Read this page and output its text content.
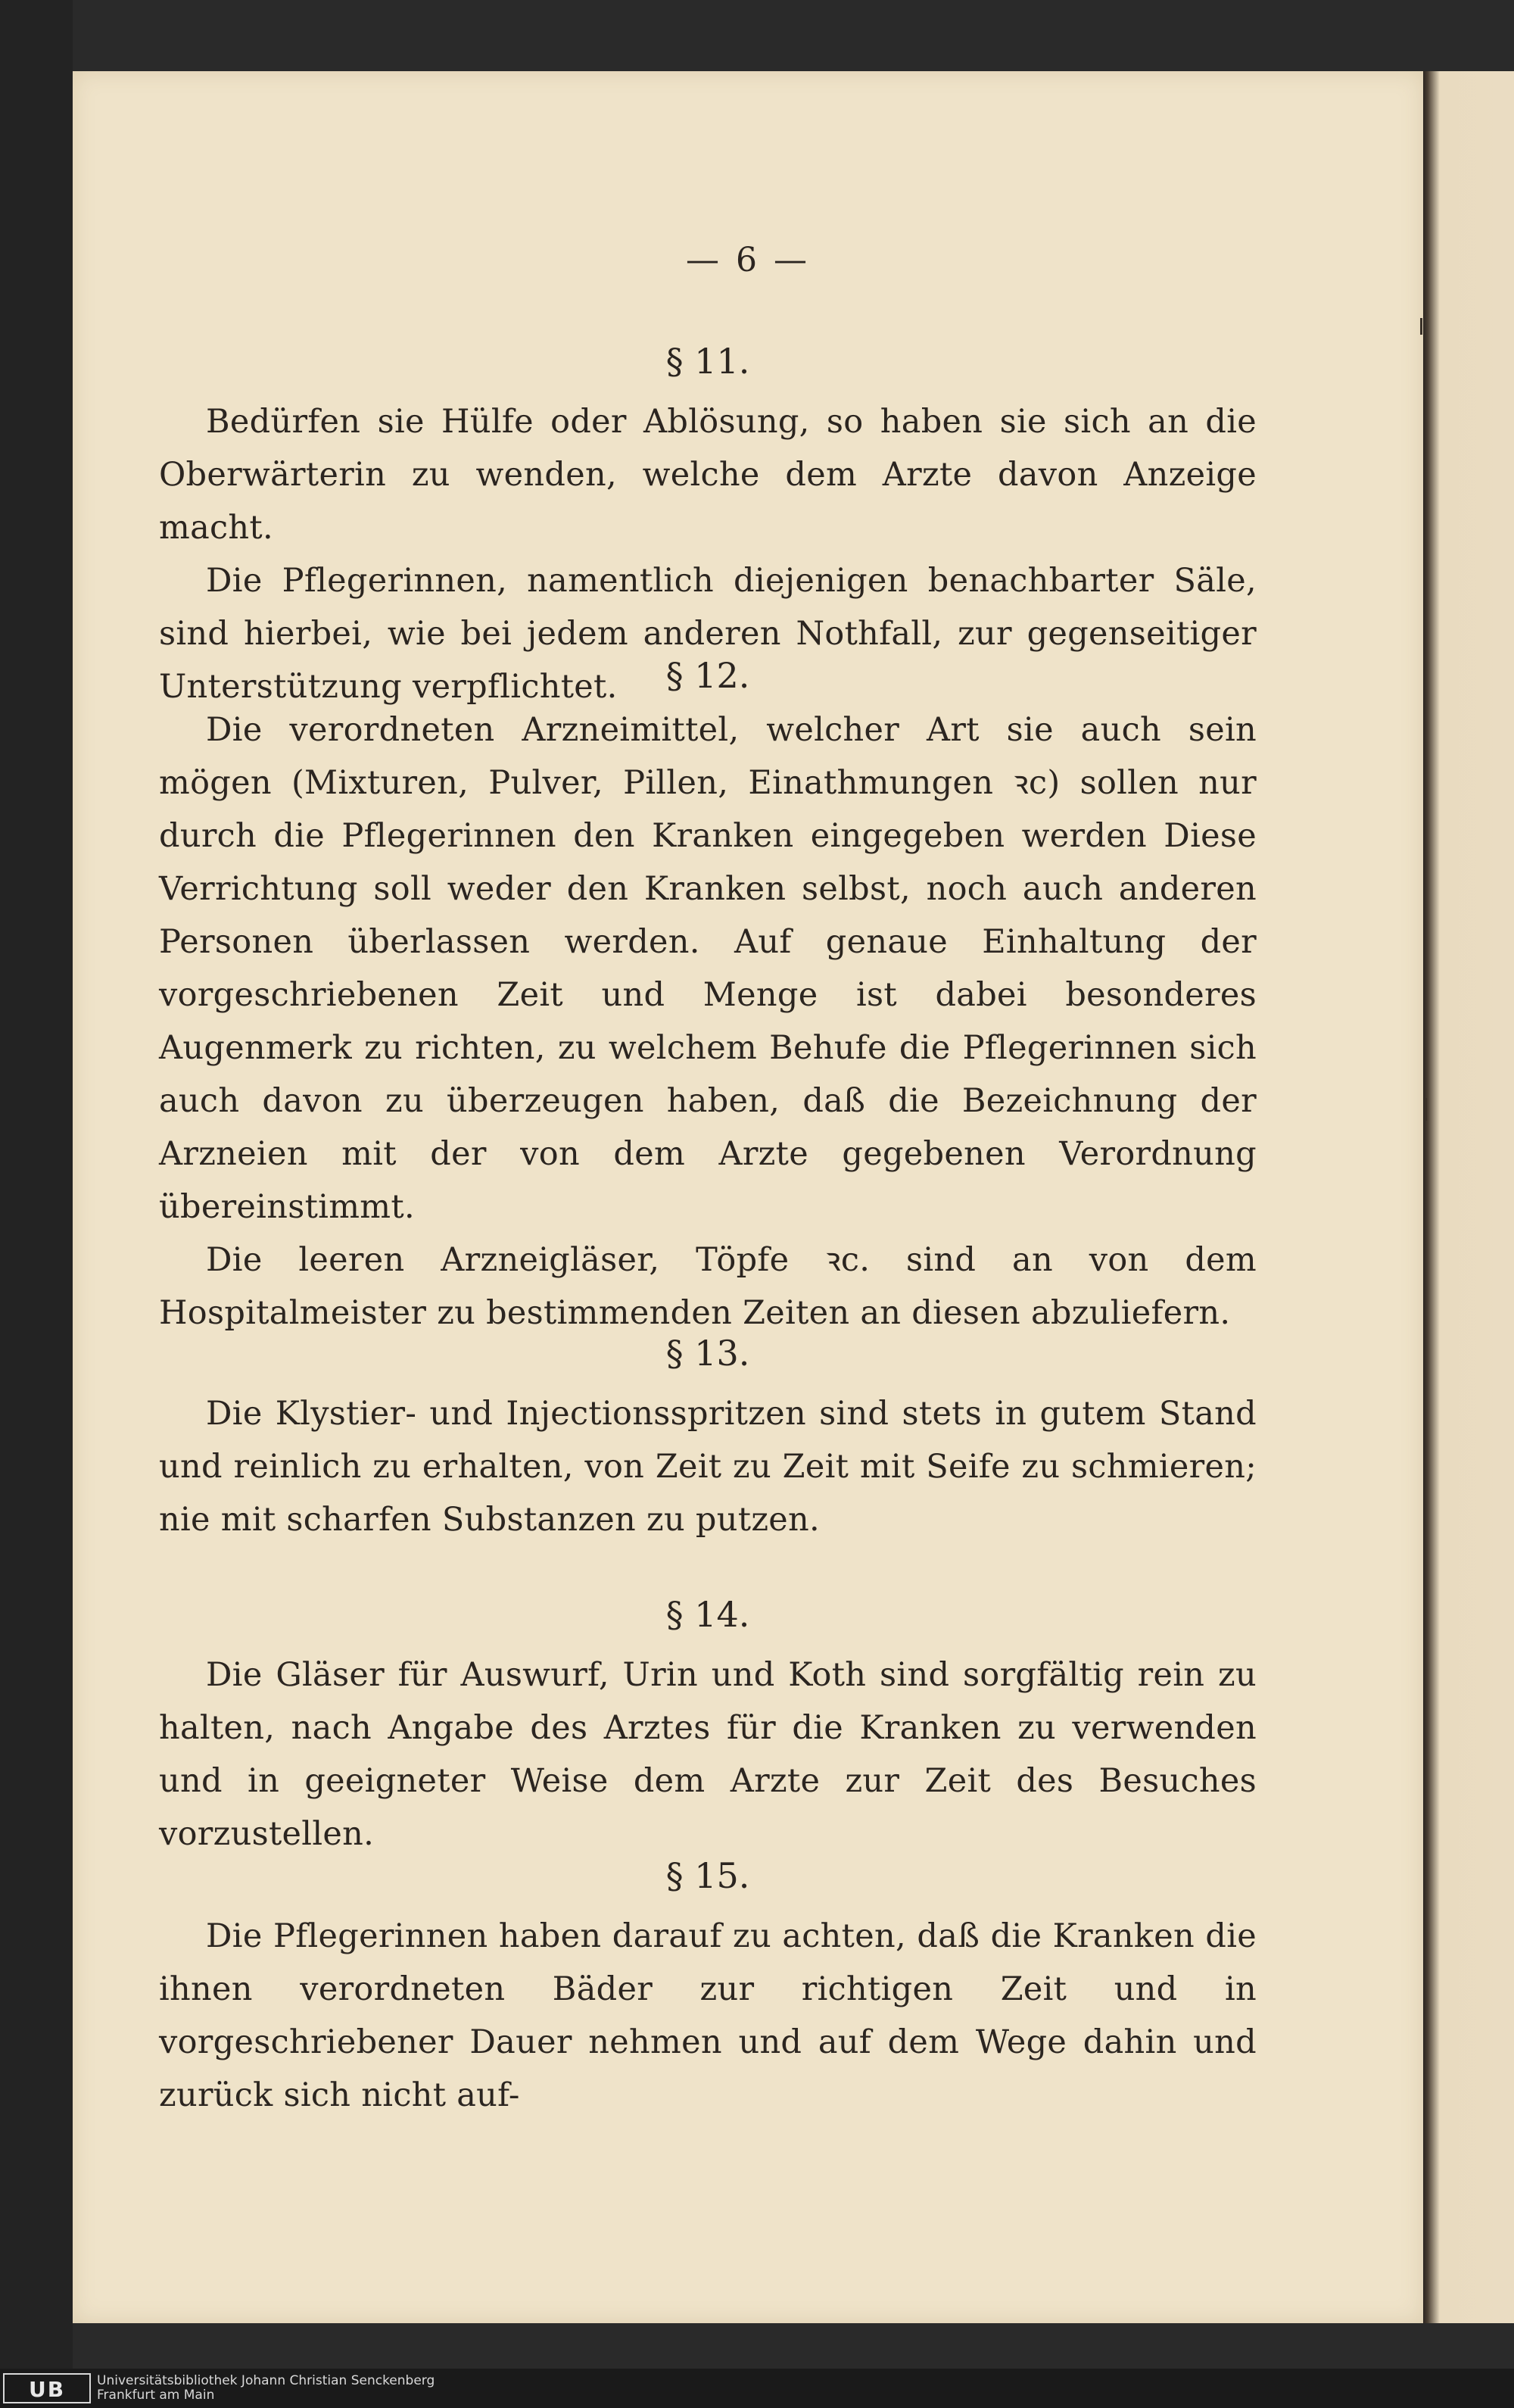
— 6 —
§ 11.

Bedürfen sie Hülfe oder Ablösung, so haben sie sich an die Oberwärterin zu wenden, welche dem Arzte davon Anzeige macht.

Die Pflegerinnen, namentlich diejenigen benachbarter Säle, sind hierbei, wie bei jedem anderen Nothfall, zur gegenseitiger Unterstützung verpflichtet.	§ 12.

Die verordneten Arzneimittel, welcher Art sie auch sein mögen (Mixturen, Pulver, Pillen, Einathmungen ꝛc) sollen nur durch die Pflegerinnen den Kranken eingegeben werden Diese Verrichtung soll weder den Kranken selbst, noch auch anderen Personen überlassen werden. Auf genaue Einhaltung der vorgeschriebenen Zeit und Menge ist dabei besonderes Augenmerk zu richten, zu welchem Behufe die Pflegerinnen sich auch davon zu überzeugen haben, daß die Bezeichnung der Arzneien mit der von dem Arzte gegebenen Verordnung übereinstimmt.

Die leeren Arzneigläser, Töpfe ꝛc. sind an von dem Hospitalmeister zu bestimmenden Zeiten an diesen abzuliefern.

§ 13.

Die Klystier- und Injectionsspritzen sind stets in gutem Stand und reinlich zu erhalten, von Zeit zu Zeit mit Seife zu schmieren; nie mit scharfen Substanzen zu putzen.

§ 14.

Die Gläser für Auswurf, Urin und Koth sind sorgfältig rein zu halten, nach Angabe des Arztes für die Kranken zu verwenden und in geeigneter Weise dem Arzte zur Zeit des Besuches vorzustellen.

§ 15.

Die Pflegerinnen haben darauf zu achten, daß die Kranken die ihnen verordneten Bäder zur richtigen Zeit und in vorgeschriebener Dauer nehmen und auf dem Wege dahin und zurück sich nicht auf-

UB	Universitätsbibliothek Johann Christian Senckenberg
Frankfurt am Main
